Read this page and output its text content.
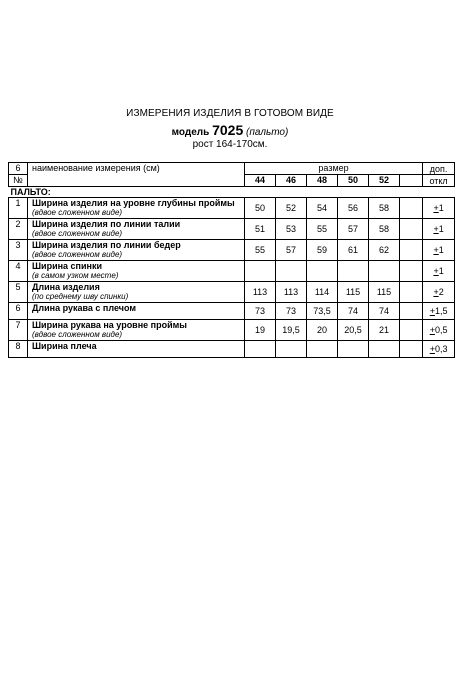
ИЗМЕРЕНИЯ ИЗДЕЛИЯ В ГОТОВОМ ВИДЕ
модель 7025 (пальто)
рост 164-170см.
6	наименование измерения (см)	размер						доп.
№		44	46	48	50	52		откл
ПАЛЬТО:								
1	Ширина изделия на уровне глубины проймы
(вдвое сложенном виде)	50	52	54	56	58		+1
2	Ширина изделия по линии талии
(вдвое сложенном виде)	51	53	55	57	58		+1
3	Ширина изделия по линии бедер
(вдвое сложенном виде)	55	57	59	61	62		+1
4	Ширина спинки
(в самом узком месте)							+1
5	Длина изделия
(по среднему шву спинки)	113	113	114	115	115		+2
6	Длина рукава с плечом	73	73	73,5	74	74		+1,5
7	Ширина рукава на уровне проймы
(вдвое сложенном виде)	19	19,5	20	20,5	21		+0,5
8	Ширина плеча							+0,3
